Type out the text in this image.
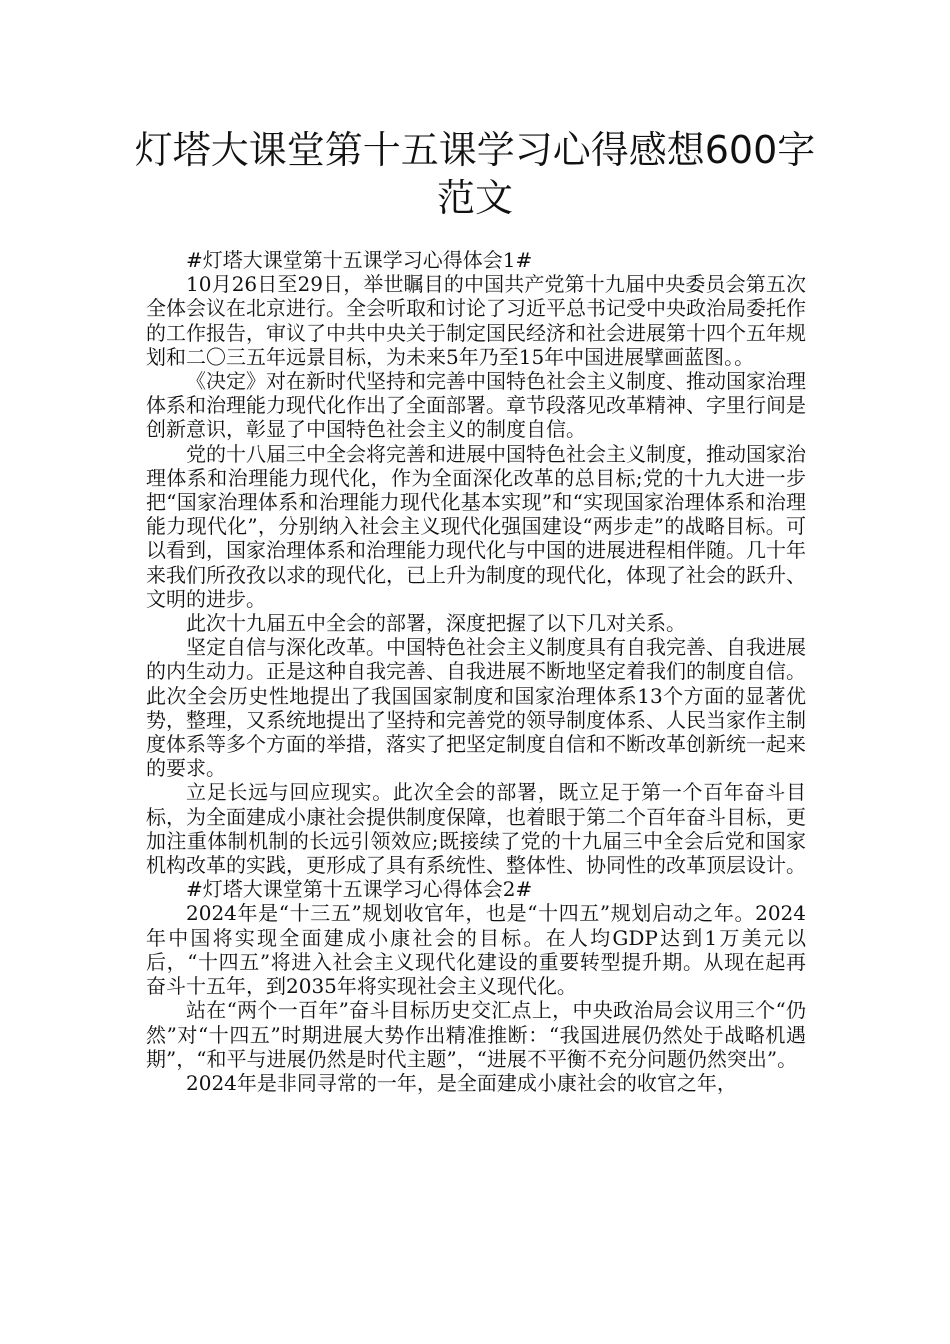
灯塔大课堂第十五课学习心得感想600字范文

#灯塔大课堂第十五课学习心得体会1#

10月26日至29日，举世瞩目的中国共产党第十九届中央委员会第五次全体会议在北京进行。全会听取和讨论了习近平总书记受中央政治局委托作的工作报告，审议了中共中央关于制定国民经济和社会进展第十四个五年规划和二〇三五年远景目标，为未来5年乃至15年中国进展擘画蓝图。。

《决定》对在新时代坚持和完善中国特色社会主义制度、推动国家治理体系和治理能力现代化作出了全面部署。章节段落见改革精神、字里行间是创新意识，彰显了中国特色社会主义的制度自信。

党的十八届三中全会将完善和进展中国特色社会主义制度，推动国家治理体系和治理能力现代化，作为全面深化改革的总目标;党的十九大进一步把“国家治理体系和治理能力现代化基本实现”和“实现国家治理体系和治理能力现代化”，分别纳入社会主义现代化强国建设“两步走”的战略目标。可以看到，国家治理体系和治理能力现代化与中国的进展进程相伴随。几十年来我们所孜孜以求的现代化，已上升为制度的现代化，体现了社会的跃升、文明的进步。

此次十九届五中全会的部署，深度把握了以下几对关系。

坚定自信与深化改革。中国特色社会主义制度具有自我完善、自我进展的内生动力。正是这种自我完善、自我进展不断地坚定着我们的制度自信。此次全会历史性地提出了我国国家制度和国家治理体系13个方面的显著优势，整理，又系统地提出了坚持和完善党的领导制度体系、人民当家作主制度体系等多个方面的举措，落实了把坚定制度自信和不断改革创新统一起来的要求。

立足长远与回应现实。此次全会的部署，既立足于第一个百年奋斗目标，为全面建成小康社会提供制度保障，也着眼于第二个百年奋斗目标，更加注重体制机制的长远引领效应;既接续了党的十九届三中全会后党和国家机构改革的实践，更形成了具有系统性、整体性、协同性的改革顶层设计。

#灯塔大课堂第十五课学习心得体会2#

2024年是“十三五”规划收官年，也是“十四五”规划启动之年。2024年中国将实现全面建成小康社会的目标。在人均GDP达到1万美元以后，“十四五”将进入社会主义现代化建设的重要转型提升期。从现在起再奋斗十五年，到2035年将实现社会主义现代化。

站在“两个一百年”奋斗目标历史交汇点上，中央政治局会议用三个“仍然”对“十四五”时期进展大势作出精准推断：“我国进展仍然处于战略机遇期”，“和平与进展仍然是时代主题”，“进展不平衡不充分问题仍然突出”。

2024年是非同寻常的一年，是全面建成小康社会的收官之年，
